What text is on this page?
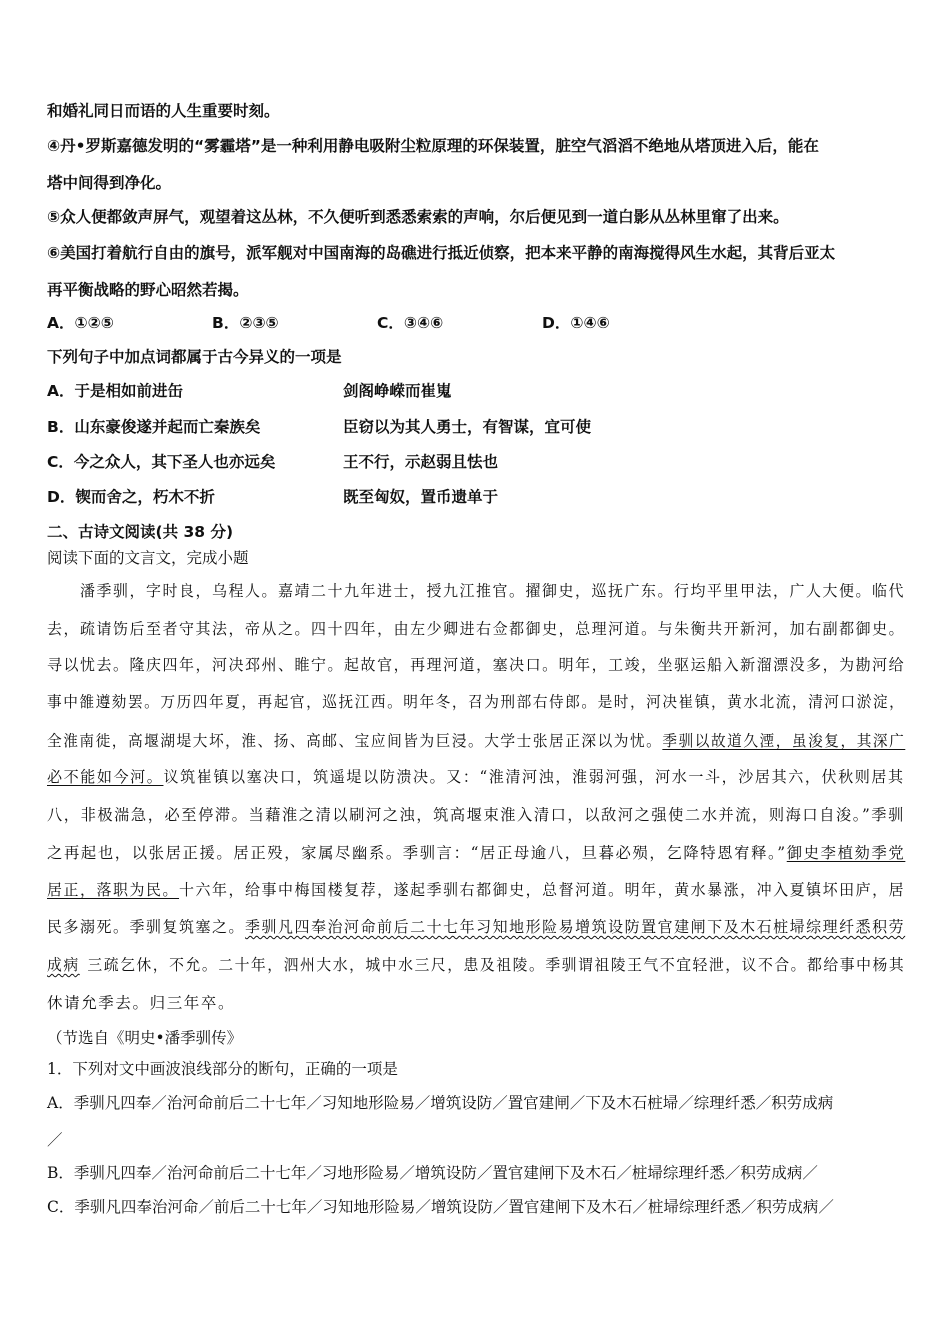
和婚礼同日而语的人生重要时刻。
④丹•罗斯嘉德发明的“雾霾塔”是一种利用静电吸附尘粒原理的环保装置，脏空气滔滔不绝地从塔顶进入后，能在
塔中间得到净化。
⑤众人便都敛声屏气，观望着这丛林，不久便听到悉悉索索的声响，尔后便见到一道白影从丛林里窜了出来。
⑥美国打着航行自由的旗号，派军舰对中国南海的岛礁进行抵近侦察，把本来平静的南海搅得风生水起，其背后亚太
再平衡战略的野心昭然若揭。
A．①②⑤	B．②③⑤	C．③④⑥	D．①④⑥
下列句子中加点词都属于古今异义的一项是
A．于是相如前进缶	剑阁峥嵘而崔嵬
B．山东豪俊遂并起而亡秦族矣	臣窃以为其人勇士，有智谋，宜可使
C．今之众人，其下圣人也亦远矣	王不行，示赵弱且怯也
D．锲而舍之，朽木不折	既至匈奴，置币遗单于
二、古诗文阅读(共 38 分)
阅读下面的文言文，完成小题
潘季驯，字时良，乌程人。嘉靖二十九年进士，授九江推官。擢御史，巡抚广东。行均平里甲法，广人大便。临代
去，疏请饬后至者守其法，帝从之。四十四年，由左少卿进右佥都御史，总理河道。与朱衡共开新河，加右副都御史。
寻以忧去。隆庆四年，河决邳州、睢宁。起故官，再理河道，塞决口。明年，工竣，坐驱运船入新溜漂没多，为勘河给
事中雒遵劾罢。万历四年夏，再起官，巡抚江西。明年冬，召为刑部右侍郎。是时，河决崔镇，黄水北流，清河口淤淀，
全淮南徙，高堰湖堤大坏，淮、扬、高邮、宝应间皆为巨浸。大学士张居正深以为忧。季驯以故道久湮，虽浚复，其深广
必不能如今河。议筑崔镇以塞决口，筑遥堤以防溃决。又：“淮清河浊，淮弱河强，河水一斗，沙居其六，伏秋则居其
八，非极湍急，必至停滞。当藉淮之清以刷河之浊，筑高堰束淮入清口，以敌河之强使二水并流，则海口自浚。”季驯
之再起也，以张居正援。居正殁，家属尽幽系。季驯言：“居正母逾八，旦暮必殒，乞降特恩宥释。”御史李植劾季党
居正，落职为民。十六年，给事中梅国楼复荐，遂起季驯右都御史，总督河道。明年，黄水暴涨，冲入夏镇坏田庐，居
民多溺死。季驯复筑塞之。季驯凡四奉治河命前后二十七年习知地形险易增筑设防置官建闸下及木石桩埽综理纤悉积劳
成病 三疏乞休，不允。二十年，泗州大水，城中水三尺，患及祖陵。季驯谓祖陵王气不宜轻泄，议不合。都给事中杨其
休请允季去。归三年卒。
（节选自《明史•潘季驯传》
1．下列对文中画波浪线部分的断句，正确的一项是
A．季驯凡四奉／治河命前后二十七年／习知地形险易／增筑设防／置官建闸／下及木石桩埽／综理纤悉／积劳成病
／
B．季驯凡四奉／治河命前后二十七年／习地形险易／增筑设防／置官建闸下及木石／桩埽综理纤悉／积劳成病／
C．季驯凡四奉治河命／前后二十七年／习知地形险易／增筑设防／置官建闸下及木石／桩埽综理纤悉／积劳成病／
